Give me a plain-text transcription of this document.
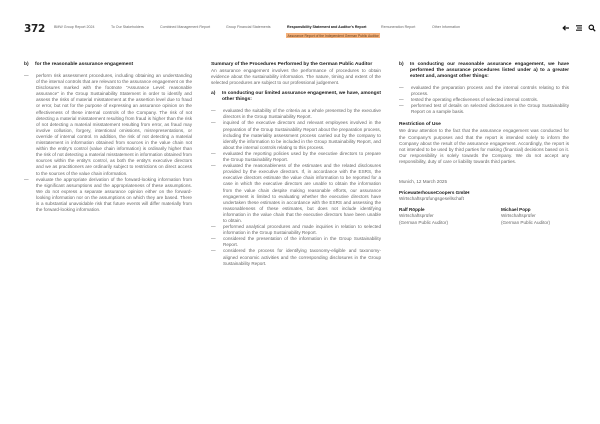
372 BMW Group Report 2024	To Our Stakeholders	Combined Management Report	Group Financial Statements	Responsibility Statement and Auditor's Report	Remuneration Report	Other Information
Assurance Report of the Independent German Public Auditor
b)	for the reasonable assurance engagement
—	perform risk assessment procedures, including obtaining an understanding of the internal controls that are relevant to the assurance engagement on the Disclosures marked with the footnote "Assurance Level: reasonable assurance" in the Group Sustainability Statement in order to identify and assess the risks of material misstatement at the assertion level due to fraud or error, but not for the purpose of expressing an assurance opinion on the effectiveness of these internal controls of the Company. The risk of not detecting a material misstatement resulting from fraud is higher than the risk of not detecting a material misstatement resulting from error, as fraud may involve collusion, forgery, intentional omissions, misrepresentations, or override of internal control. In addition, the risk of not detecting a material misstatement in information obtained from sources in the value chain not within the entity's control (value chain information) is ordinarily higher than the risk of not detecting a material misstatement in information obtained from sources within the entity's control, as both the entity's executive directors and we as practitioners are ordinarily subject to restrictions on direct access to the sources of the value chain information.
—	evaluate the appropriate derivation of the forward-looking information from the significant assumptions and the appropriateness of these assumptions. We do not express a separate assurance opinion either on the forward-looking information nor on the assumptions on which they are based. There is a substantial unavoidable risk that future events will differ materially from the forward-looking information.
Summary of the Procedures Performed by the German Public Auditor
An assurance engagement involves the performance of procedures to obtain evidence about the sustainability information. The nature, timing and extent of the selected procedures are subject to our professional judgement.
a)	In conducting our limited assurance engagement, we have, amongst other things:
—	evaluated the suitability of the criteria as a whole presented by the executive directors in the Group Sustainability Report.
—	inquired of the executive directors and relevant employees involved in the preparation of the Group Sustainability Report about the preparation process, including the materiality assessment process carried out by the company to identify the information to be included in the Group Sustainability Report, and about the internal controls relating to this process.
—	evaluated the reporting policies used by the executive directors to prepare the Group Sustainability Report.
—	evaluated the reasonableness of the estimates and the related disclosures provided by the executive directors. If, in accordance with the ESRS, the executive directors estimate the value chain information to be reported for a case in which the executive directors are unable to obtain the information from the value chain despite making reasonable efforts, our assurance engagement is limited to evaluating whether the executive directors have undertaken these estimates in accordance with the ESRS and assessing the reasonableness of these estimates, but does not include identifying information in the value chain that the executive directors have been unable to obtain.
—	performed analytical procedures and made inquiries in relation to selected information in the Group Sustainability Report.
—	considered the presentation of the information in the Group Sustainability Report.
—	considered the process for identifying taxonomy-eligible and taxonomy-aligned economic activities and the corresponding disclosures in the Group Sustainability Report.
b)	In conducting our reasonable assurance engagement, we have performed the assurance procedures listed under a) to a greater extent and, amongst other things:
—	evaluated the preparation process and the internal controls relating to this process.
—	tested the operating effectiveness of selected internal controls.
—	performed test of details on selected disclosures in the Group Sustainability Report on a sample basis.
Restriction of Use
We draw attention to the fact that the assurance engagement was conducted for the Company's purposes and that the report is intended solely to inform the Company about the result of the assurance engagement. Accordingly, the report is not intended to be used by third parties for making (financial) decisions based on it. Our responsibility is solely towards the Company. We do not accept any responsibility, duty of care or liability towards third parties.
Munich, 12 March 2025
PricewaterhouseCoopers GmbH
Wirtschaftsprüfungsgesellschaft
Ralf Röpple
Wirtschaftsprüfer
(German Public Auditor)
Michael Popp
Wirtschaftsprüfer
(German Public Auditor)
